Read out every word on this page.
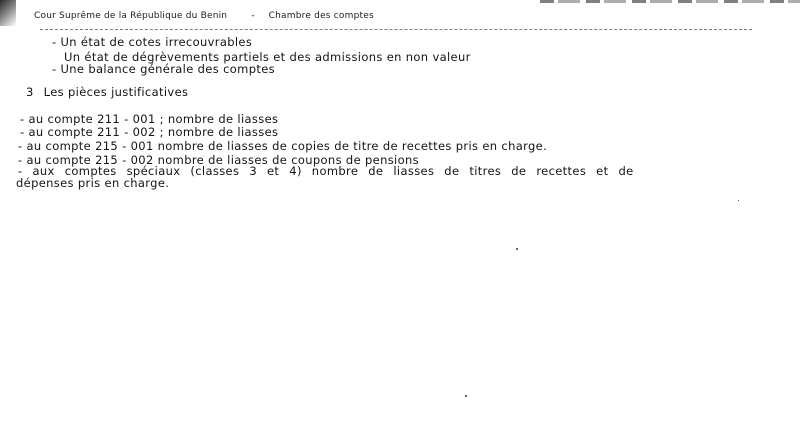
Cour Suprême de la République du Benin	- Chambre des comptes
- Un état de cotes irrecouvrables
Un état de dégrèvements partiels et des admissions en non valeur
- Une balance générale des comptes
3 Les pièces justificatives
- au compte 211 - 001 ; nombre de liasses
- au compte 211 - 002 ; nombre de liasses
- au compte 215 - 001 nombre de liasses de copies de titre de recettes pris en charge.
- au compte 215 - 002 nombre de liasses de coupons de pensions
- aux comptes spéciaux (classes 3 et 4) nombre de liasses de titres de recettes et de
dépenses pris en charge.
